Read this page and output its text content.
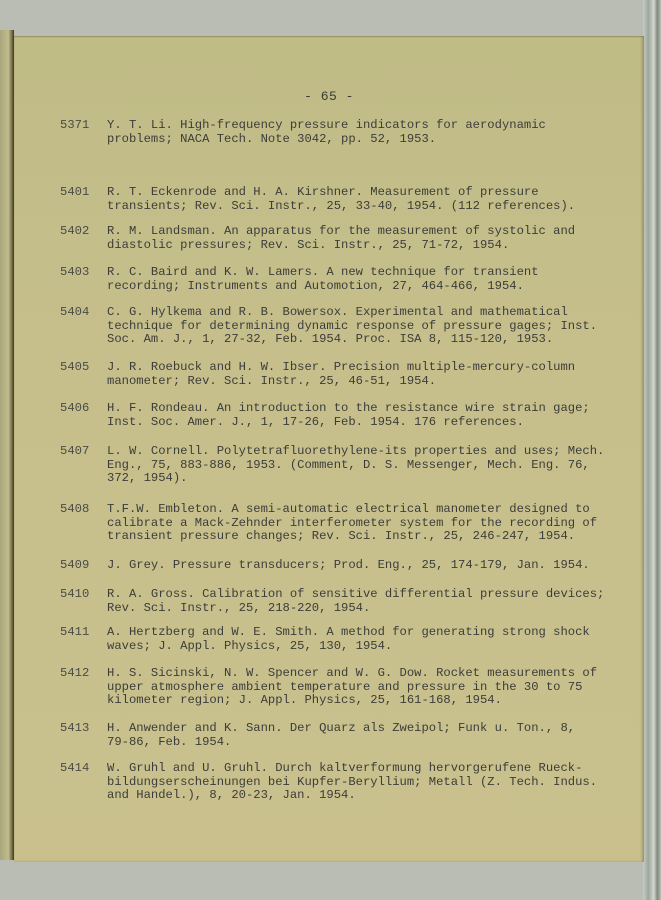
- 65 -
5371	Y. T. Li. High-frequency pressure indicators for aerodynamic
problems; NACA Tech. Note 3042, pp. 52, 1953.
5401	R. T. Eckenrode and H. A. Kirshner. Measurement of pressure
transients; Rev. Sci. Instr., 25, 33-40, 1954. (112 references).
5402	R. M. Landsman. An apparatus for the measurement of systolic and
diastolic pressures; Rev. Sci. Instr., 25, 71-72, 1954.
5403	R. C. Baird and K. W. Lamers. A new technique for transient
recording; Instruments and Automotion, 27, 464-466, 1954.
5404	C. G. Hylkema and R. B. Bowersox. Experimental and mathematical
technique for determining dynamic response of pressure gages; Inst.
Soc. Am. J., 1, 27-32, Feb. 1954. Proc. ISA 8, 115-120, 1953.
5405	J. R. Roebuck and H. W. Ibser. Precision multiple-mercury-column
manometer; Rev. Sci. Instr., 25, 46-51, 1954.
5406	H. F. Rondeau. An introduction to the resistance wire strain gage;
Inst. Soc. Amer. J., 1, 17-26, Feb. 1954. 176 references.
5407	L. W. Cornell. Polytetrafluorethylene-its properties and uses; Mech.
Eng., 75, 883-886, 1953. (Comment, D. S. Messenger, Mech. Eng. 76,
372, 1954).
5408	T.F.W. Embleton. A semi-automatic electrical manometer designed to
calibrate a Mack-Zehnder interferometer system for the recording of
transient pressure changes; Rev. Sci. Instr., 25, 246-247, 1954.
5409	J. Grey. Pressure transducers; Prod. Eng., 25, 174-179, Jan. 1954.
5410	R. A. Gross. Calibration of sensitive differential pressure devices;
Rev. Sci. Instr., 25, 218-220, 1954.
5411	A. Hertzberg and W. E. Smith. A method for generating strong shock
waves; J. Appl. Physics, 25, 130, 1954.
5412	H. S. Sicinski, N. W. Spencer and W. G. Dow. Rocket measurements of
upper atmosphere ambient temperature and pressure in the 30 to 75
kilometer region; J. Appl. Physics, 25, 161-168, 1954.
5413	H. Anwender and K. Sann. Der Quarz als Zweipol; Funk u. Ton., 8,
79-86, Feb. 1954.
5414	W. Gruhl and U. Gruhl. Durch kaltverformung hervorgerufene Rueck-
bildungserscheinungen bei Kupfer-Beryllium; Metall (Z. Tech. Indus.
and Handel.), 8, 20-23, Jan. 1954.
